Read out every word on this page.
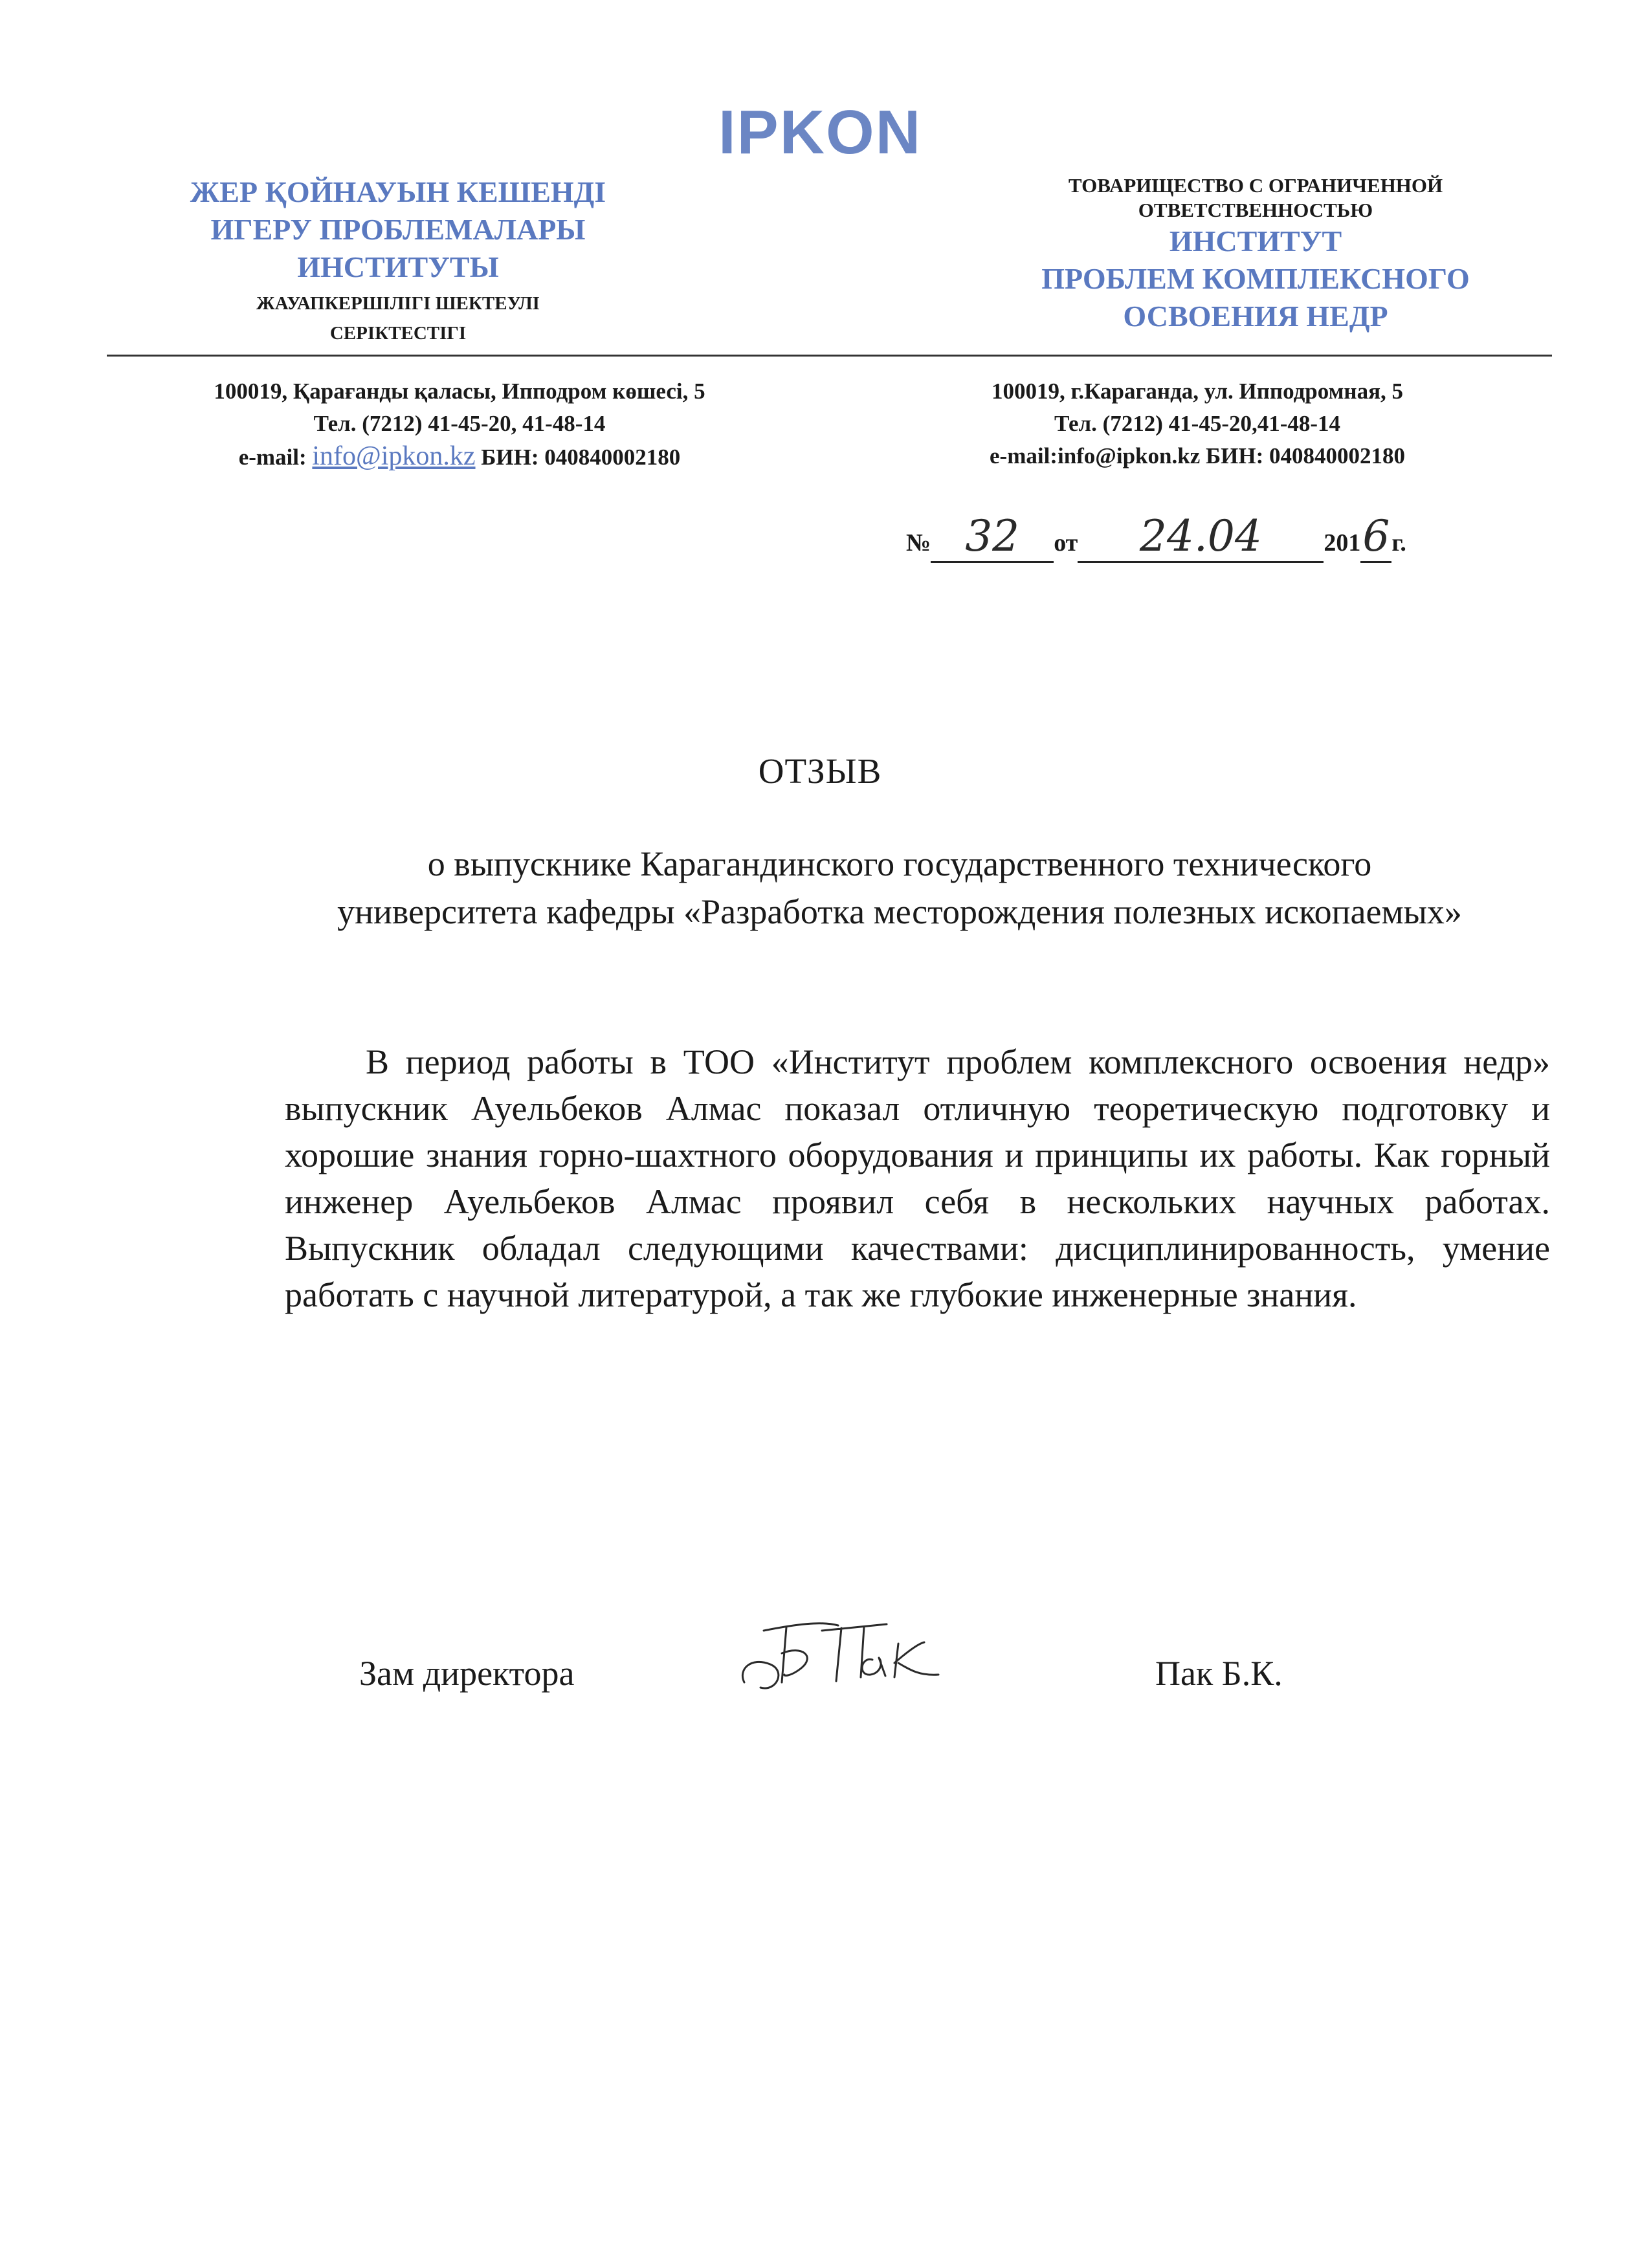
IPKON
ЖЕР ҚОЙНАУЫН КЕШЕНДІ
ИГЕРУ ПРОБЛЕМАЛАРЫ
ИНСТИТУТЫ
ЖАУАПКЕРШІЛІГІ ШЕКТЕУЛІ
СЕРІКТЕСТІГІ
ТОВАРИЩЕСТВО С ОГРАНИЧЕННОЙ
ОТВЕТСТВЕННОСТЬЮ
ИНСТИТУТ
ПРОБЛЕМ КОМПЛЕКСНОГО
ОСВОЕНИЯ НЕДР
100019, Қарағанды қаласы, Ипподром көшесі, 5
Тел. (7212) 41-45-20, 41-48-14
e-mail: info@ipkon.kz БИН: 040840002180
100019, г.Караганда, ул. Ипподромная, 5
Тел. (7212) 41-45-20,41-48-14
e-mail:info@ipkon.kz БИН: 040840002180
№ 32 от 24.04	2016г.
ОТЗЫВ
о выпускнике Карагандинского государственного технического
университета кафедры «Разработка месторождения полезных ископаемых»
В период работы в ТОО «Институт проблем комплексного освоения недр» выпускник Ауельбеков Алмас показал отличную теоретическую подготовку и хорошие знания горно-шахтного оборудования и принципы их работы. Как горный инженер Ауельбеков Алмас проявил себя в нескольких научных работах. Выпускник обладал следующими качествами: дисциплинированность, умение работать с научной литературой, а так же глубокие инженерные знания.
Зам директора	Пак Б.К.
